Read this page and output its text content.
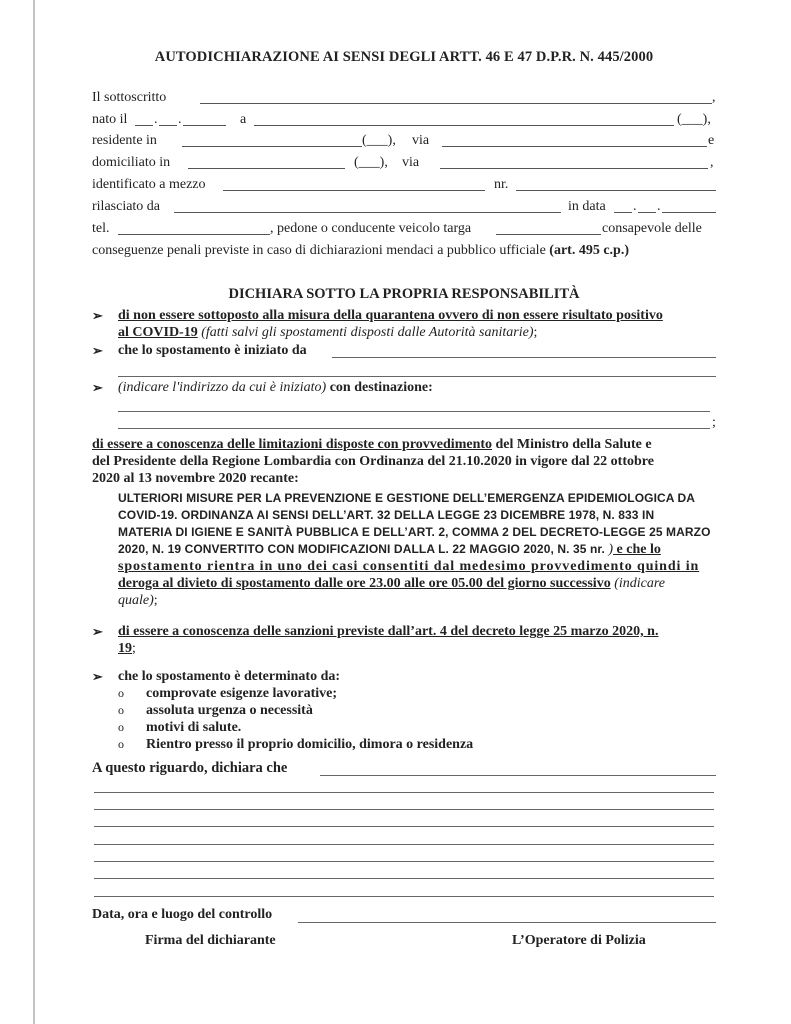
AUTODICHIARAZIONE AI SENSI DEGLI ARTT. 46 E 47 D.P.R. N. 445/2000
Il sottoscritto	,
nato il . .	a	(___),
residente in	(___), via	e
domiciliato in	(___), via	,
identificato a mezzo	nr.
rilasciato da	in data . .
tel.	, pedone o conducente veicolo targa	consapevole delle
conseguenze penali previste in caso di dichiarazioni mendaci a pubblico ufficiale (art. 495 c.p.)
DICHIARA SOTTO LA PROPRIA RESPONSABILITÀ
➢ di non essere sottoposto alla misura della quarantena ovvero di non essere risultato positivo
al COVID-19 (fatti salvi gli spostamenti disposti dalle Autorità sanitarie);
➢ che lo spostamento è iniziato da
➢ (indicare l'indirizzo da cui è iniziato) con destinazione:
;
di essere a conoscenza delle limitazioni disposte con provvedimento del Ministro della Salute e
del Presidente della Regione Lombardia con Ordinanza del 21.10.2020 in vigore dal 22 ottobre
2020 al 13 novembre 2020 recante:
ULTERIORI MISURE PER LA PREVENZIONE E GESTIONE DELL’EMERGENZA EPIDEMIOLOGICA DA
COVID-19. ORDINANZA AI SENSI DELL’ART. 32 DELLA LEGGE 23 DICEMBRE 1978, N. 833 IN
MATERIA DI IGIENE E SANITÀ PUBBLICA E DELL’ART. 2, COMMA 2 DEL DECRETO-LEGGE 25 MARZO
2020, N. 19 CONVERTITO CON MODIFICAZIONI DALLA L. 22 MAGGIO 2020, N. 35 nr. ) e che lo
spostamento rientra in uno dei casi consentiti dal medesimo provvedimento quindi in
deroga al divieto di spostamento dalle ore 23.00 alle ore 05.00 del giorno successivo (indicare
quale);
➢ di essere a conoscenza delle sanzioni previste dall’art. 4 del decreto legge 25 marzo 2020, n.
19;
➢ che lo spostamento è determinato da:
o comprovate esigenze lavorative;
o assoluta urgenza o necessità
o motivi di salute.
o Rientro presso il proprio domicilio, dimora o residenza
A questo riguardo, dichiara che
Data, ora e luogo del controllo
Firma del dichiarante	L’Operatore di Polizia
